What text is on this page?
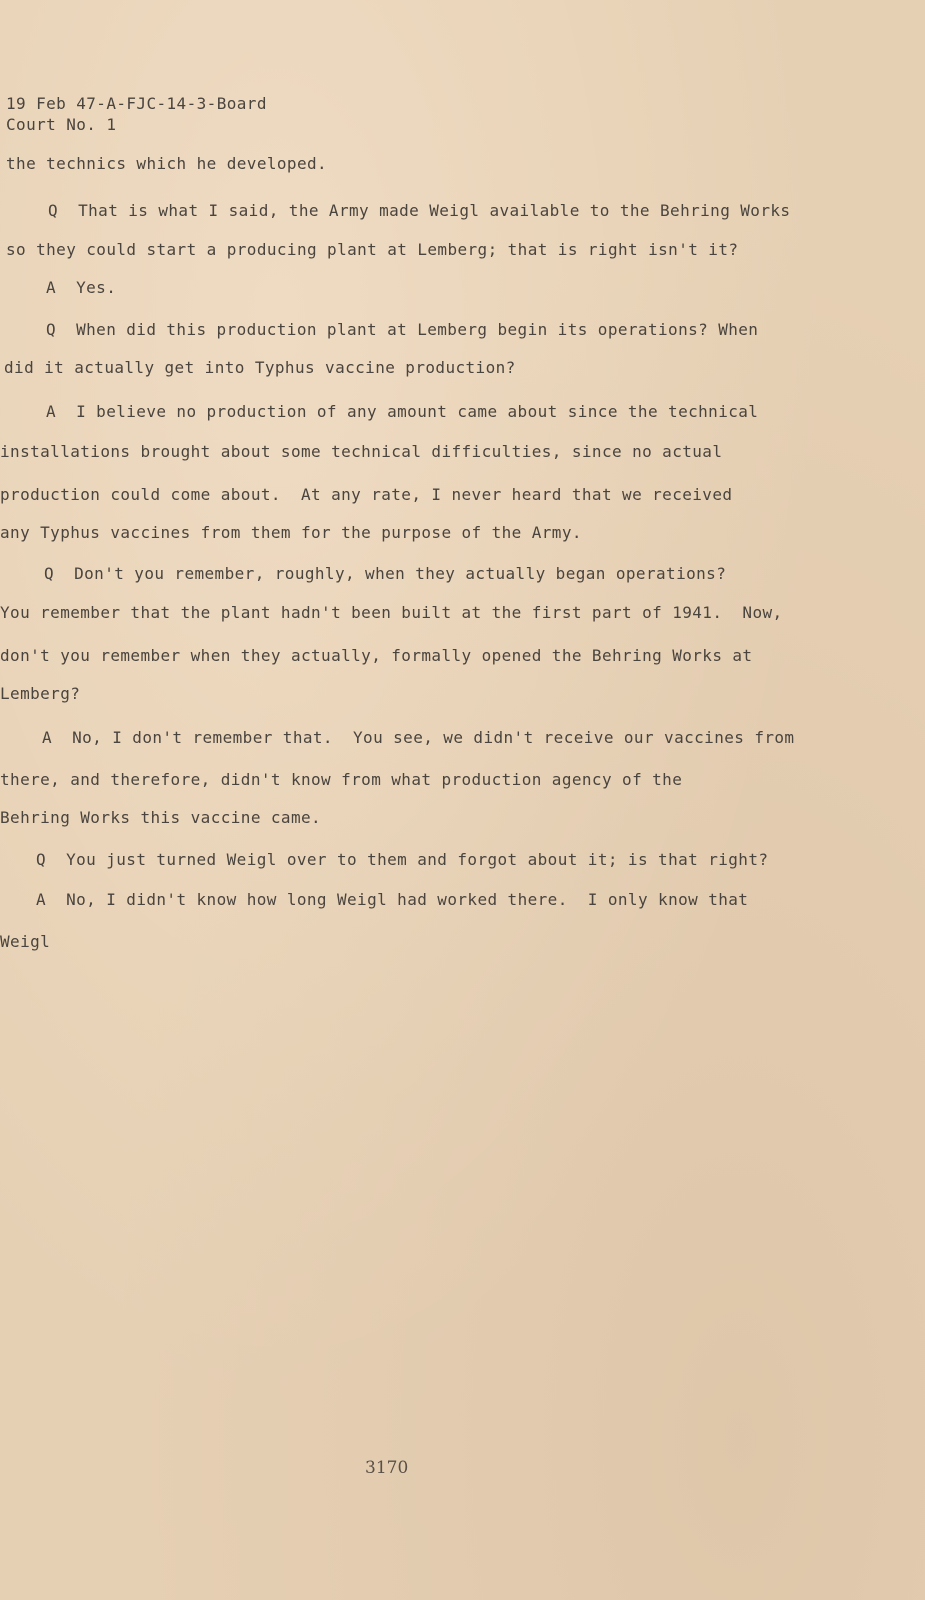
19 Feb 47-A-FJC-14-3-Board
Court No. 1
the technics which he developed.
Q  That is what I said, the Army made Weigl available to the Behring Works
so they could start a producing plant at Lemberg; that is right isn't it?
A  Yes.
Q  When did this production plant at Lemberg begin its operations? When
did it actually get into Typhus vaccine production?
A  I believe no production of any amount came about since the technical
installations brought about some technical difficulties, since no actual
production could come about.  At any rate, I never heard that we received
any Typhus vaccines from them for the purpose of the Army.
Q  Don't you remember, roughly, when they actually began operations?
You remember that the plant hadn't been built at the first part of 1941.  Now,
don't you remember when they actually, formally opened the Behring Works at
Lemberg?
A  No, I don't remember that.  You see, we didn't receive our vaccines from
there, and therefore, didn't know from what production agency of the
Behring Works this vaccine came.
Q  You just turned Weigl over to them and forgot about it; is that right?
A  No, I didn't know how long Weigl had worked there.  I only know that
Weigl
3170
